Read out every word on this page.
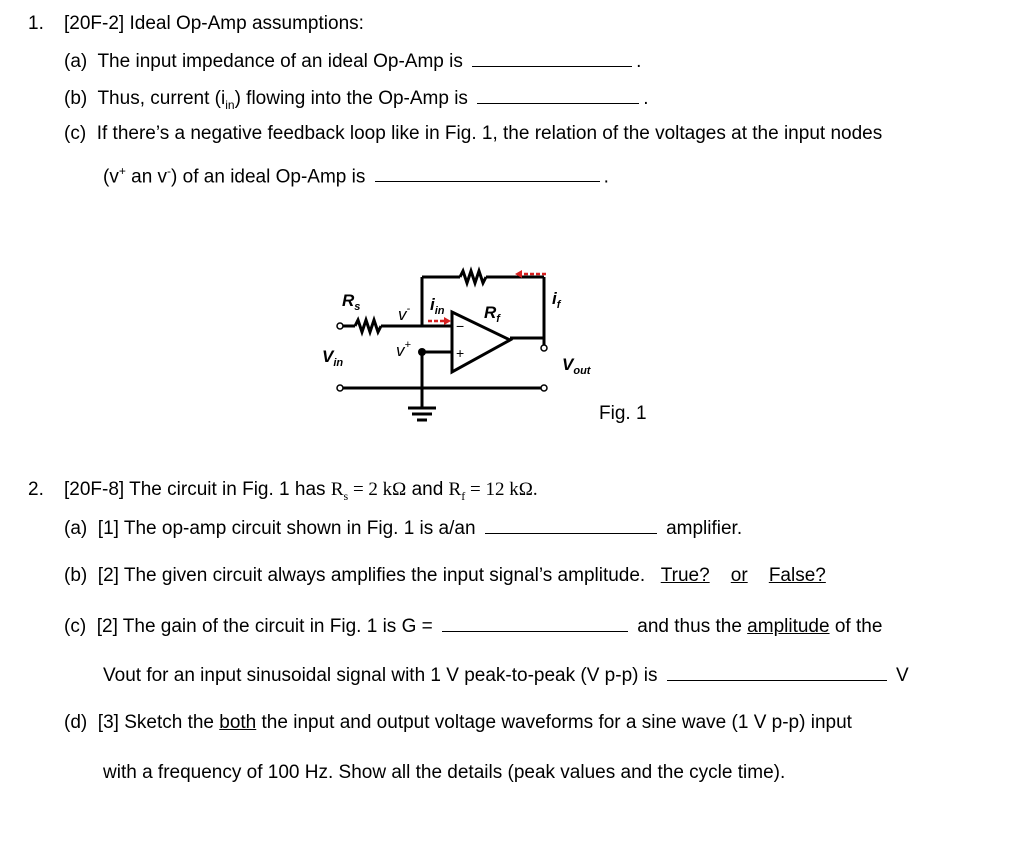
1. [20F-2] Ideal Op-Amp assumptions:
(a) The input impedance of an ideal Op-Amp is	.
(b) Thus, current $(i_{in})$ flowing into the Op-Amp is	.
(c) If there’s a negative feedback loop like in Fig. 1, the relation of the voltages at the input nodes
(v+ an v-) of an ideal Op-Amp is	.
$R_s$	$R_f$
$V_{in}$	$V_{out}$
$i_{in}$
$i_f$
v-
v+
−
+
Fig. 1
2. [20F-8] The circuit in Fig. 1 has $R_s = 2$ kΩ and $R_f = 12$ kΩ.
(a) [1] The op-amp circuit shown in Fig. 1 is a/an	amplifier.
(b) [2] The given circuit always amplifies the input signal’s amplitude. True? or False?
(c) [2] The gain of the circuit in Fig. 1 is G =	and thus the amplitude of the
Vout for an input sinusoidal signal with 1 V peak-to-peak (V p-p) is	V
(d) [3] Sketch the both the input and output voltage waveforms for a sine wave (1 V p-p) input
with a frequency of 100 Hz. Show all the details (peak values and the cycle time).
